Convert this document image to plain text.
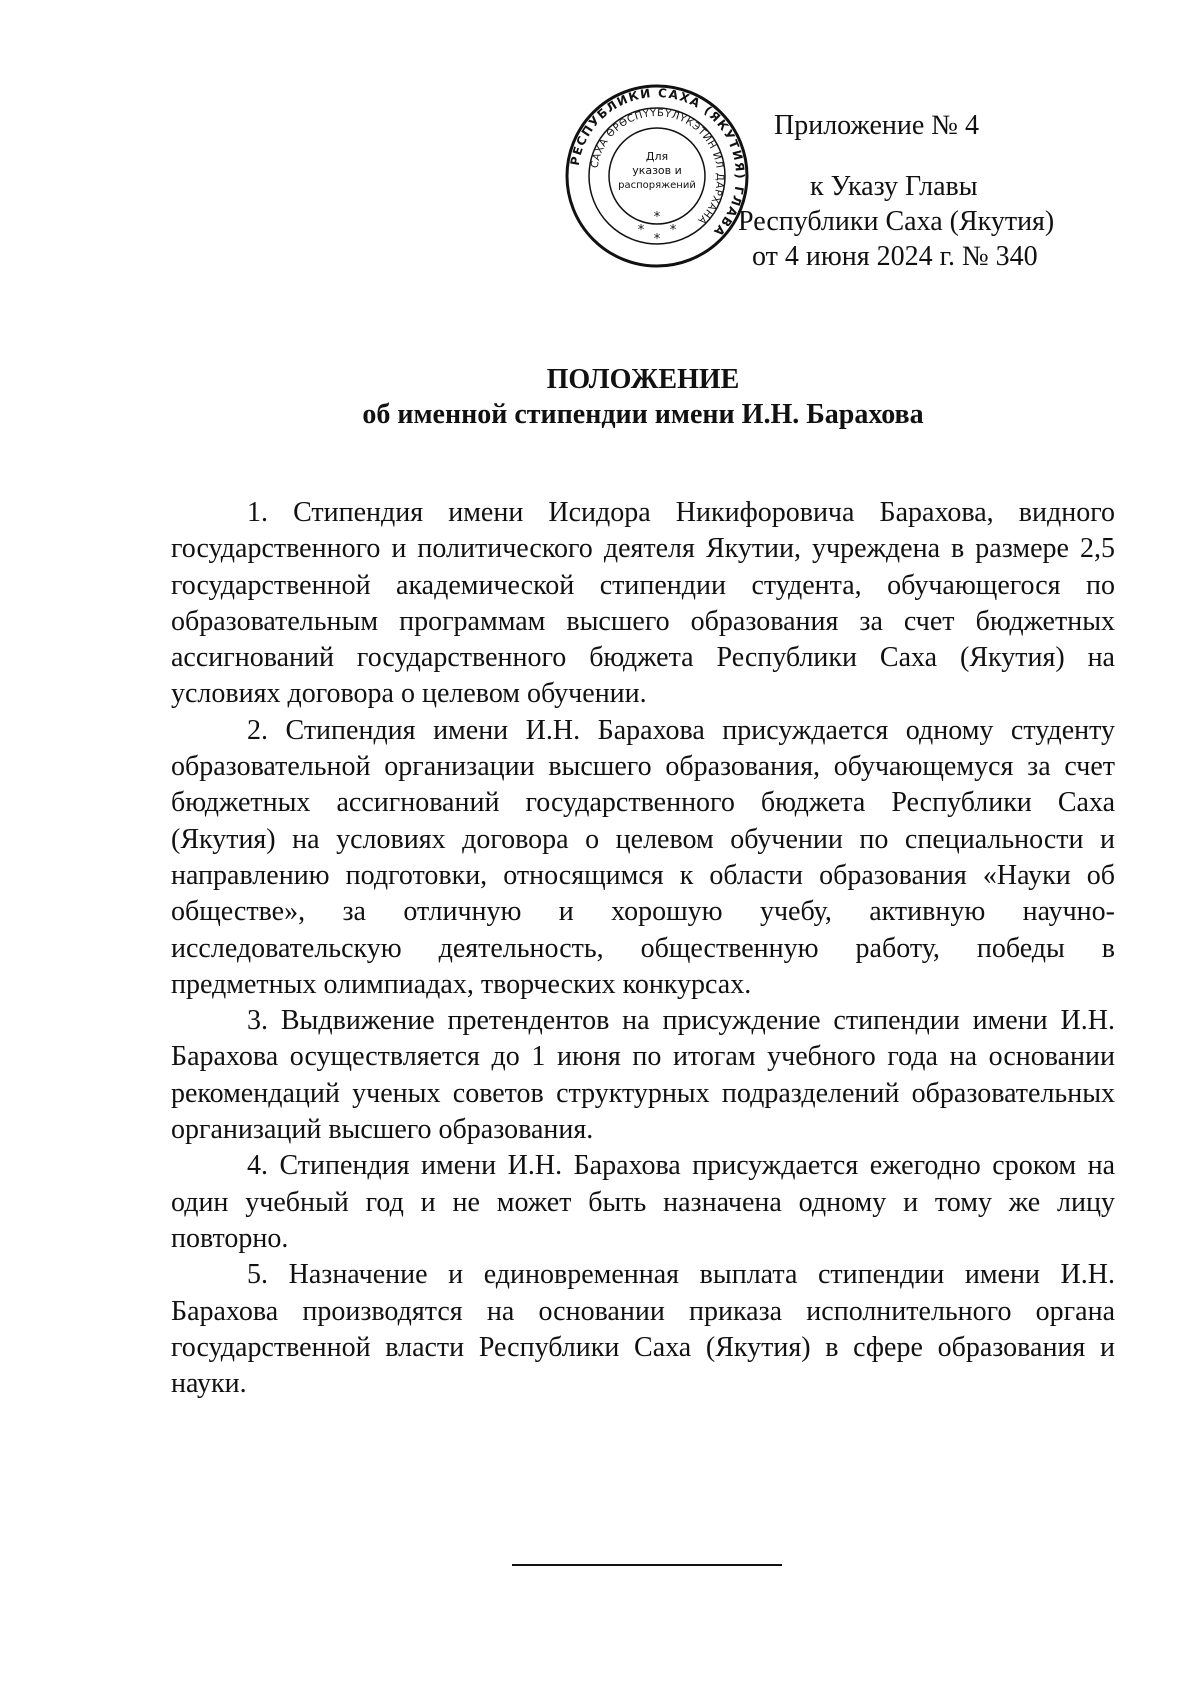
РЕСПУБЛИКИ САХА (ЯКУТИЯ) ГЛАВА
САХА ӨРӨСПҮҮБҮЛҮКЭТИН ИЛ ДАРХАНА
Для
указов и
распоряжений
*
* *
*
Приложение № 4
к Указу Главы
Республики Саха (Якутия)
от 4 июня 2024 г. № 340
ПОЛОЖЕНИЕ
об именной стипендии имени И.Н. Барахова

1. Стипендия имени Исидора Никифоровича Барахова, видного государственного и политического деятеля Якутии, учреждена в размере 2,5 государственной академической стипендии студента, обучающегося по образовательным программам высшего образования за счет бюджетных ассигнований государственного бюджета Республики Саха (Якутия) на условиях договора о целевом обучении.

2. Стипендия имени И.Н. Барахова присуждается одному студенту образовательной организации высшего образования, обучающемуся за счет бюджетных ассигнований государственного бюджета Республики Саха (Якутия) на условиях договора о целевом обучении по специальности и направлению подготовки, относящимся к области образования «Науки об обществе», за отличную и хорошую учебу, активную научно-исследовательскую деятельность, общественную работу, победы в предметных олимпиадах, творческих конкурсах.

3. Выдвижение претендентов на присуждение стипендии имени И.Н. Барахова осуществляется до 1 июня по итогам учебного года на основании рекомендаций ученых советов структурных подразделений образовательных организаций высшего образования.

4. Стипендия имени И.Н. Барахова присуждается ежегодно сроком на один учебный год и не может быть назначена одному и тому же лицу повторно.

5. Назначение и единовременная выплата стипендии имени И.Н. Барахова производятся на основании приказа исполнительного органа государственной власти Республики Саха (Якутия) в сфере образования и науки.
